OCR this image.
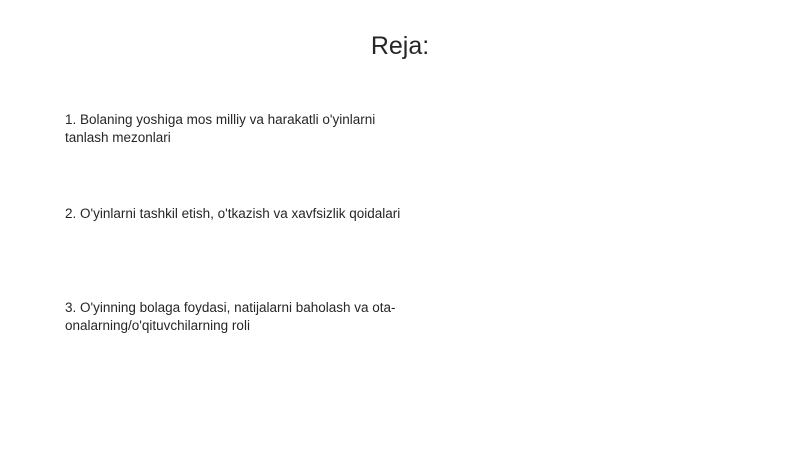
Reja:
1. Bolaning yoshiga mos milliy va harakatli o'yinlarni tanlash mezonlari
2. O'yinlarni tashkil etish, o'tkazish va xavfsizlik qoidalari
3. O'yinning bolaga foydasi, natijalarni baholash va ota-onalarning/o'qituvchilarning roli
